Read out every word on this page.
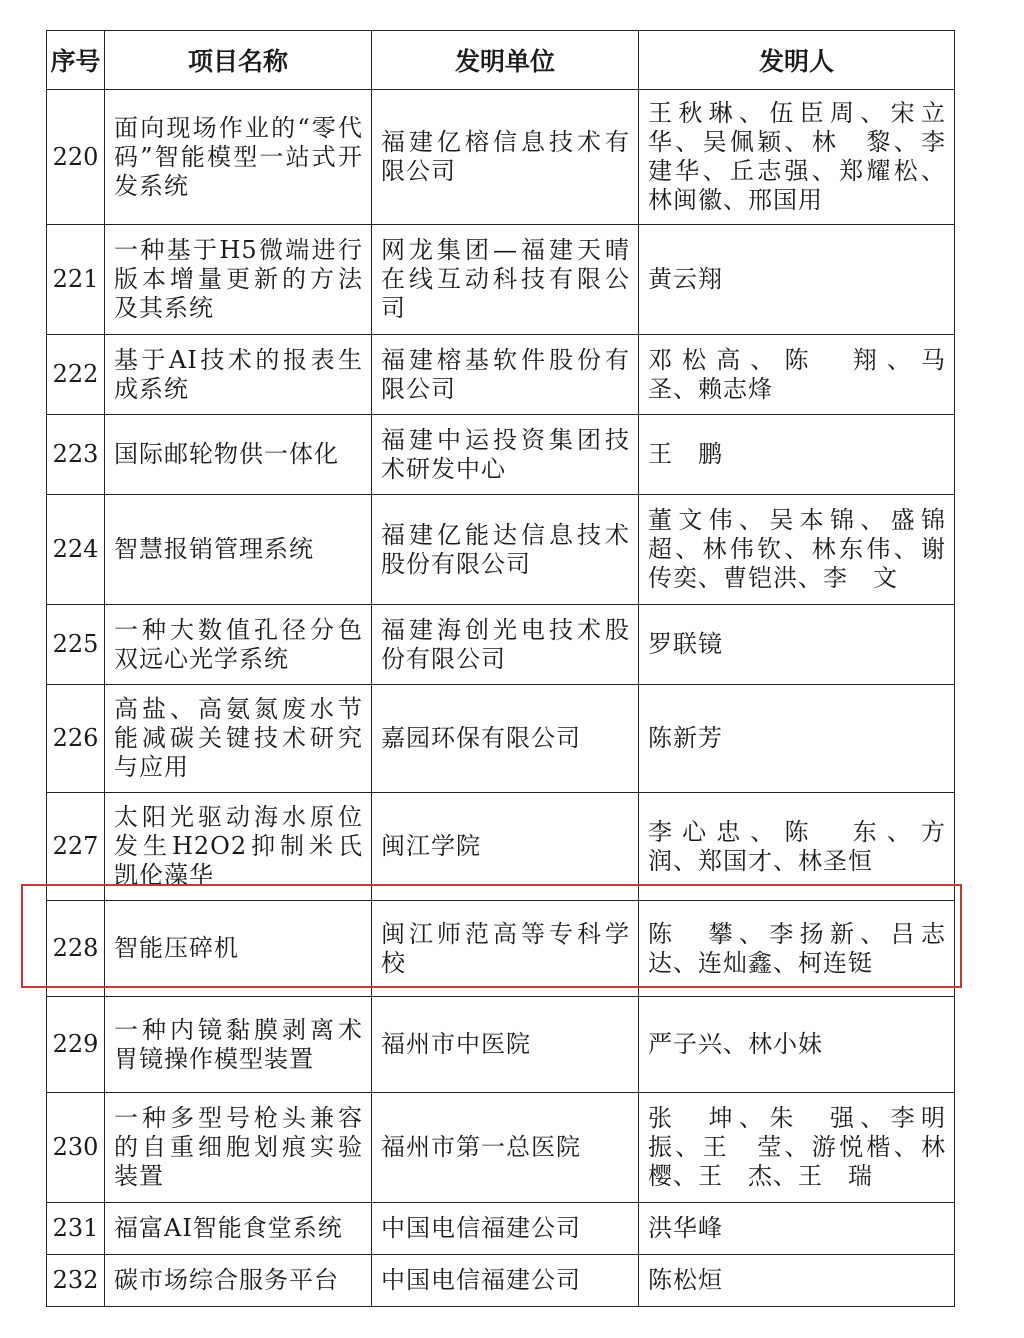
序号	项目名称	发明单位	发明人
220	面向现场作业的“零代码”智能模型一站式开发系统	福建亿榕信息技术有限公司	王秋琳、伍臣周、宋立华、吴佩颖、林　黎、李建华、丘志强、郑耀松、林闽徽、邢国用

221	一种基于H5微端进行版本增量更新的方法及其系统	网龙集团—福建天晴在线互动科技有限公司	黄云翔

222	基于AI技术的报表生成系统	福建榕基软件股份有限公司	邓松高、陈　翔、马　圣、赖志烽

223	国际邮轮物供一体化	福建中运投资集团技术研发中心	王　鹏

224	智慧报销管理系统	福建亿能达信息技术股份有限公司	董文伟、吴本锦、盛锦超、林伟钦、林东伟、谢传奕、曹铠洪、李　文

225	一种大数值孔径分色双远心光学系统	福建海创光电技术股份有限公司	罗联镜

226	高盐、高氨氮废水节能减碳关键技术研究与应用	嘉园环保有限公司	陈新芳

227	太阳光驱动海水原位发生H2O2抑制米氏凯伦藻华	闽江学院	李心忠、陈　东、方　润、郑国才、林圣恒

228	智能压碎机	闽江师范高等专科学校	陈　攀、李扬新、吕志达、连灿鑫、柯连铤

229	一种内镜黏膜剥离术胃镜操作模型装置	福州市中医院	严子兴、林小妹

230	一种多型号枪头兼容的自重细胞划痕实验装置	福州市第一总医院	张　坤、朱　强、李明振、王　莹、游悦楷、林　樱、王　杰、王　瑞

231	福富AI智能食堂系统	中国电信福建公司	洪华峰

232	碳市场综合服务平台	中国电信福建公司	陈松烜
